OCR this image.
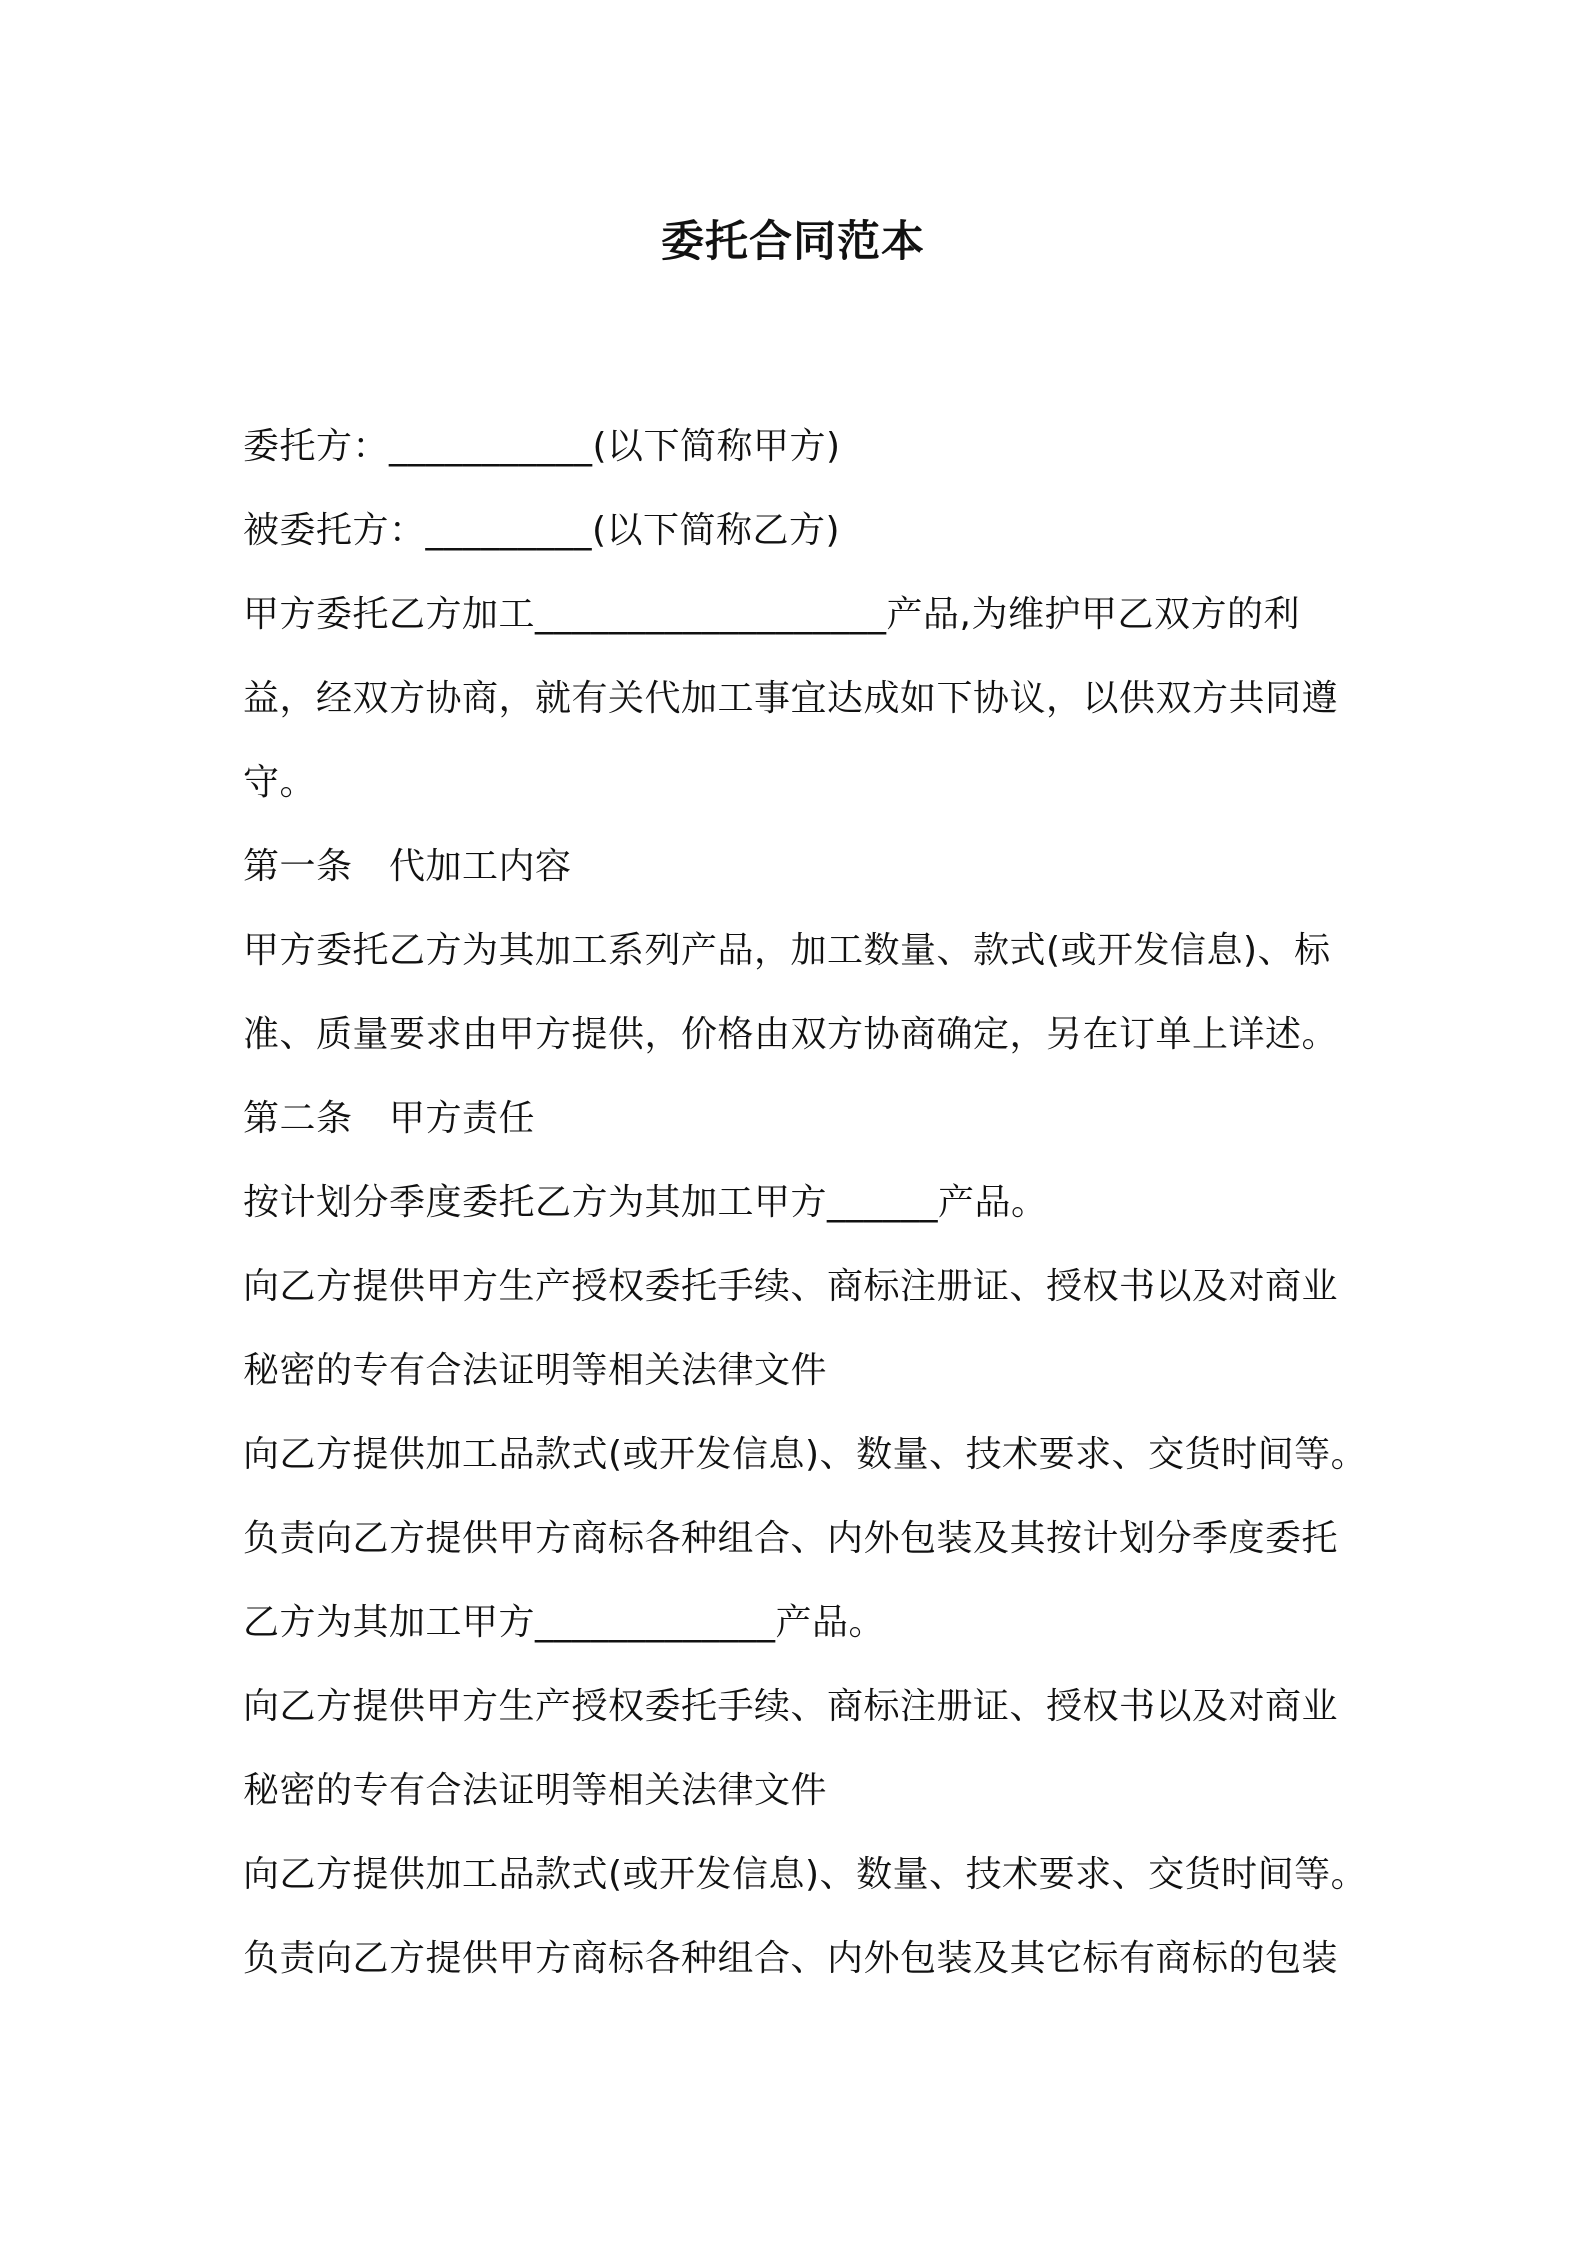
委托合同范本

委托方：___________(以下简称甲方)

被委托方：_________(以下简称乙方)

甲方委托乙方加工___________________产品,为维护甲乙双方的利

益，经双方协商，就有关代加工事宜达成如下协议，以供双方共同遵

守。

第一条　代加工内容

甲方委托乙方为其加工系列产品，加工数量、款式(或开发信息)、标

准、质量要求由甲方提供，价格由双方协商确定，另在订单上详述。

第二条　甲方责任

按计划分季度委托乙方为其加工甲方______产品。

向乙方提供甲方生产授权委托手续、商标注册证、授权书以及对商业

秘密的专有合法证明等相关法律文件

向乙方提供加工品款式(或开发信息)、数量、技术要求、交货时间等。

负责向乙方提供甲方商标各种组合、内外包装及其按计划分季度委托

乙方为其加工甲方_____________产品。

向乙方提供甲方生产授权委托手续、商标注册证、授权书以及对商业

秘密的专有合法证明等相关法律文件

向乙方提供加工品款式(或开发信息)、数量、技术要求、交货时间等。

负责向乙方提供甲方商标各种组合、内外包装及其它标有商标的包装
